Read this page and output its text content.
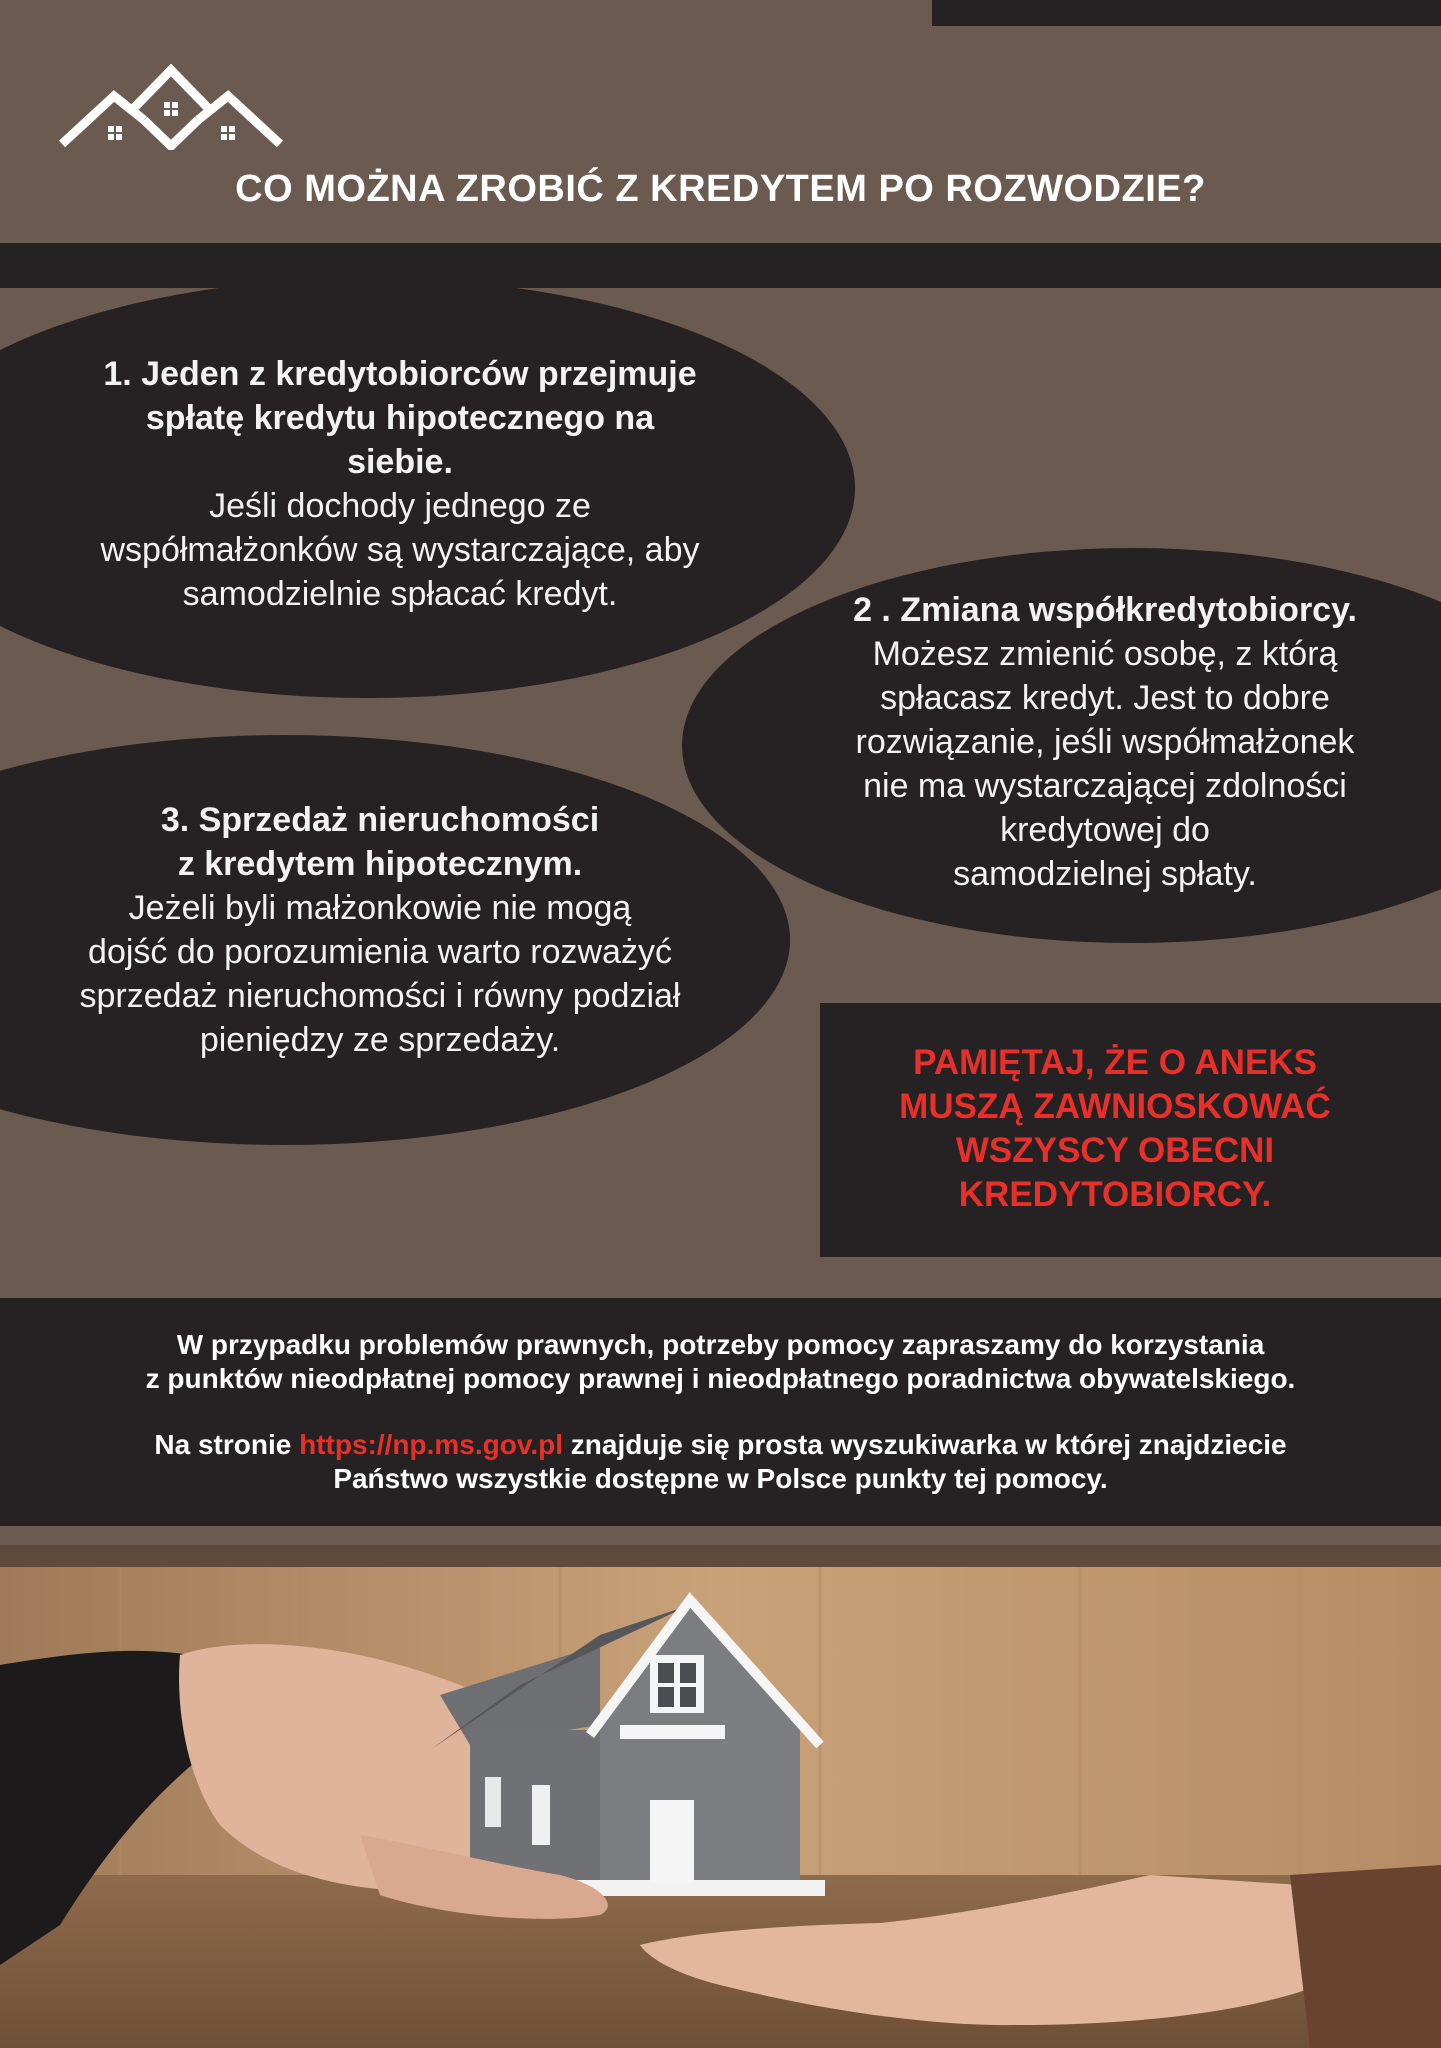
CO MOŻNA ZROBIĆ Z KREDYTEM PO ROZWODZIE?
1. Jeden z kredytobiorców przejmuje
spłatę kredytu hipotecznego na
siebie.
Jeśli dochody jednego ze
współmałżonków są wystarczające, aby
samodzielnie spłacać kredyt.	2 . Zmiana współkredytobiorcy.
Możesz zmienić osobę, z którą
spłacasz kredyt. Jest to dobre
rozwiązanie, jeśli współmałżonek
nie ma wystarczającej zdolności
kredytowej do
samodzielnej spłaty.
3. Sprzedaż nieruchomości
z kredytem hipotecznym.
Jeżeli byli małżonkowie nie mogą
dojść do porozumienia warto rozważyć
sprzedaż nieruchomości i równy podział
pieniędzy ze sprzedaży.
PAMIĘTAJ, ŻE O ANEKS
MUSZĄ ZAWNIOSKOWAĆ
WSZYSCY OBECNI
KREDYTOBIORCY.
W przypadku problemów prawnych, potrzeby pomocy zapraszamy do korzystania
z punktów nieodpłatnej pomocy prawnej i nieodpłatnego poradnictwa obywatelskiego.
Na stronie https://np.ms.gov.pl znajduje się prosta wyszukiwarka w której znajdziecie
Państwo wszystkie dostępne w Polsce punkty tej pomocy.
